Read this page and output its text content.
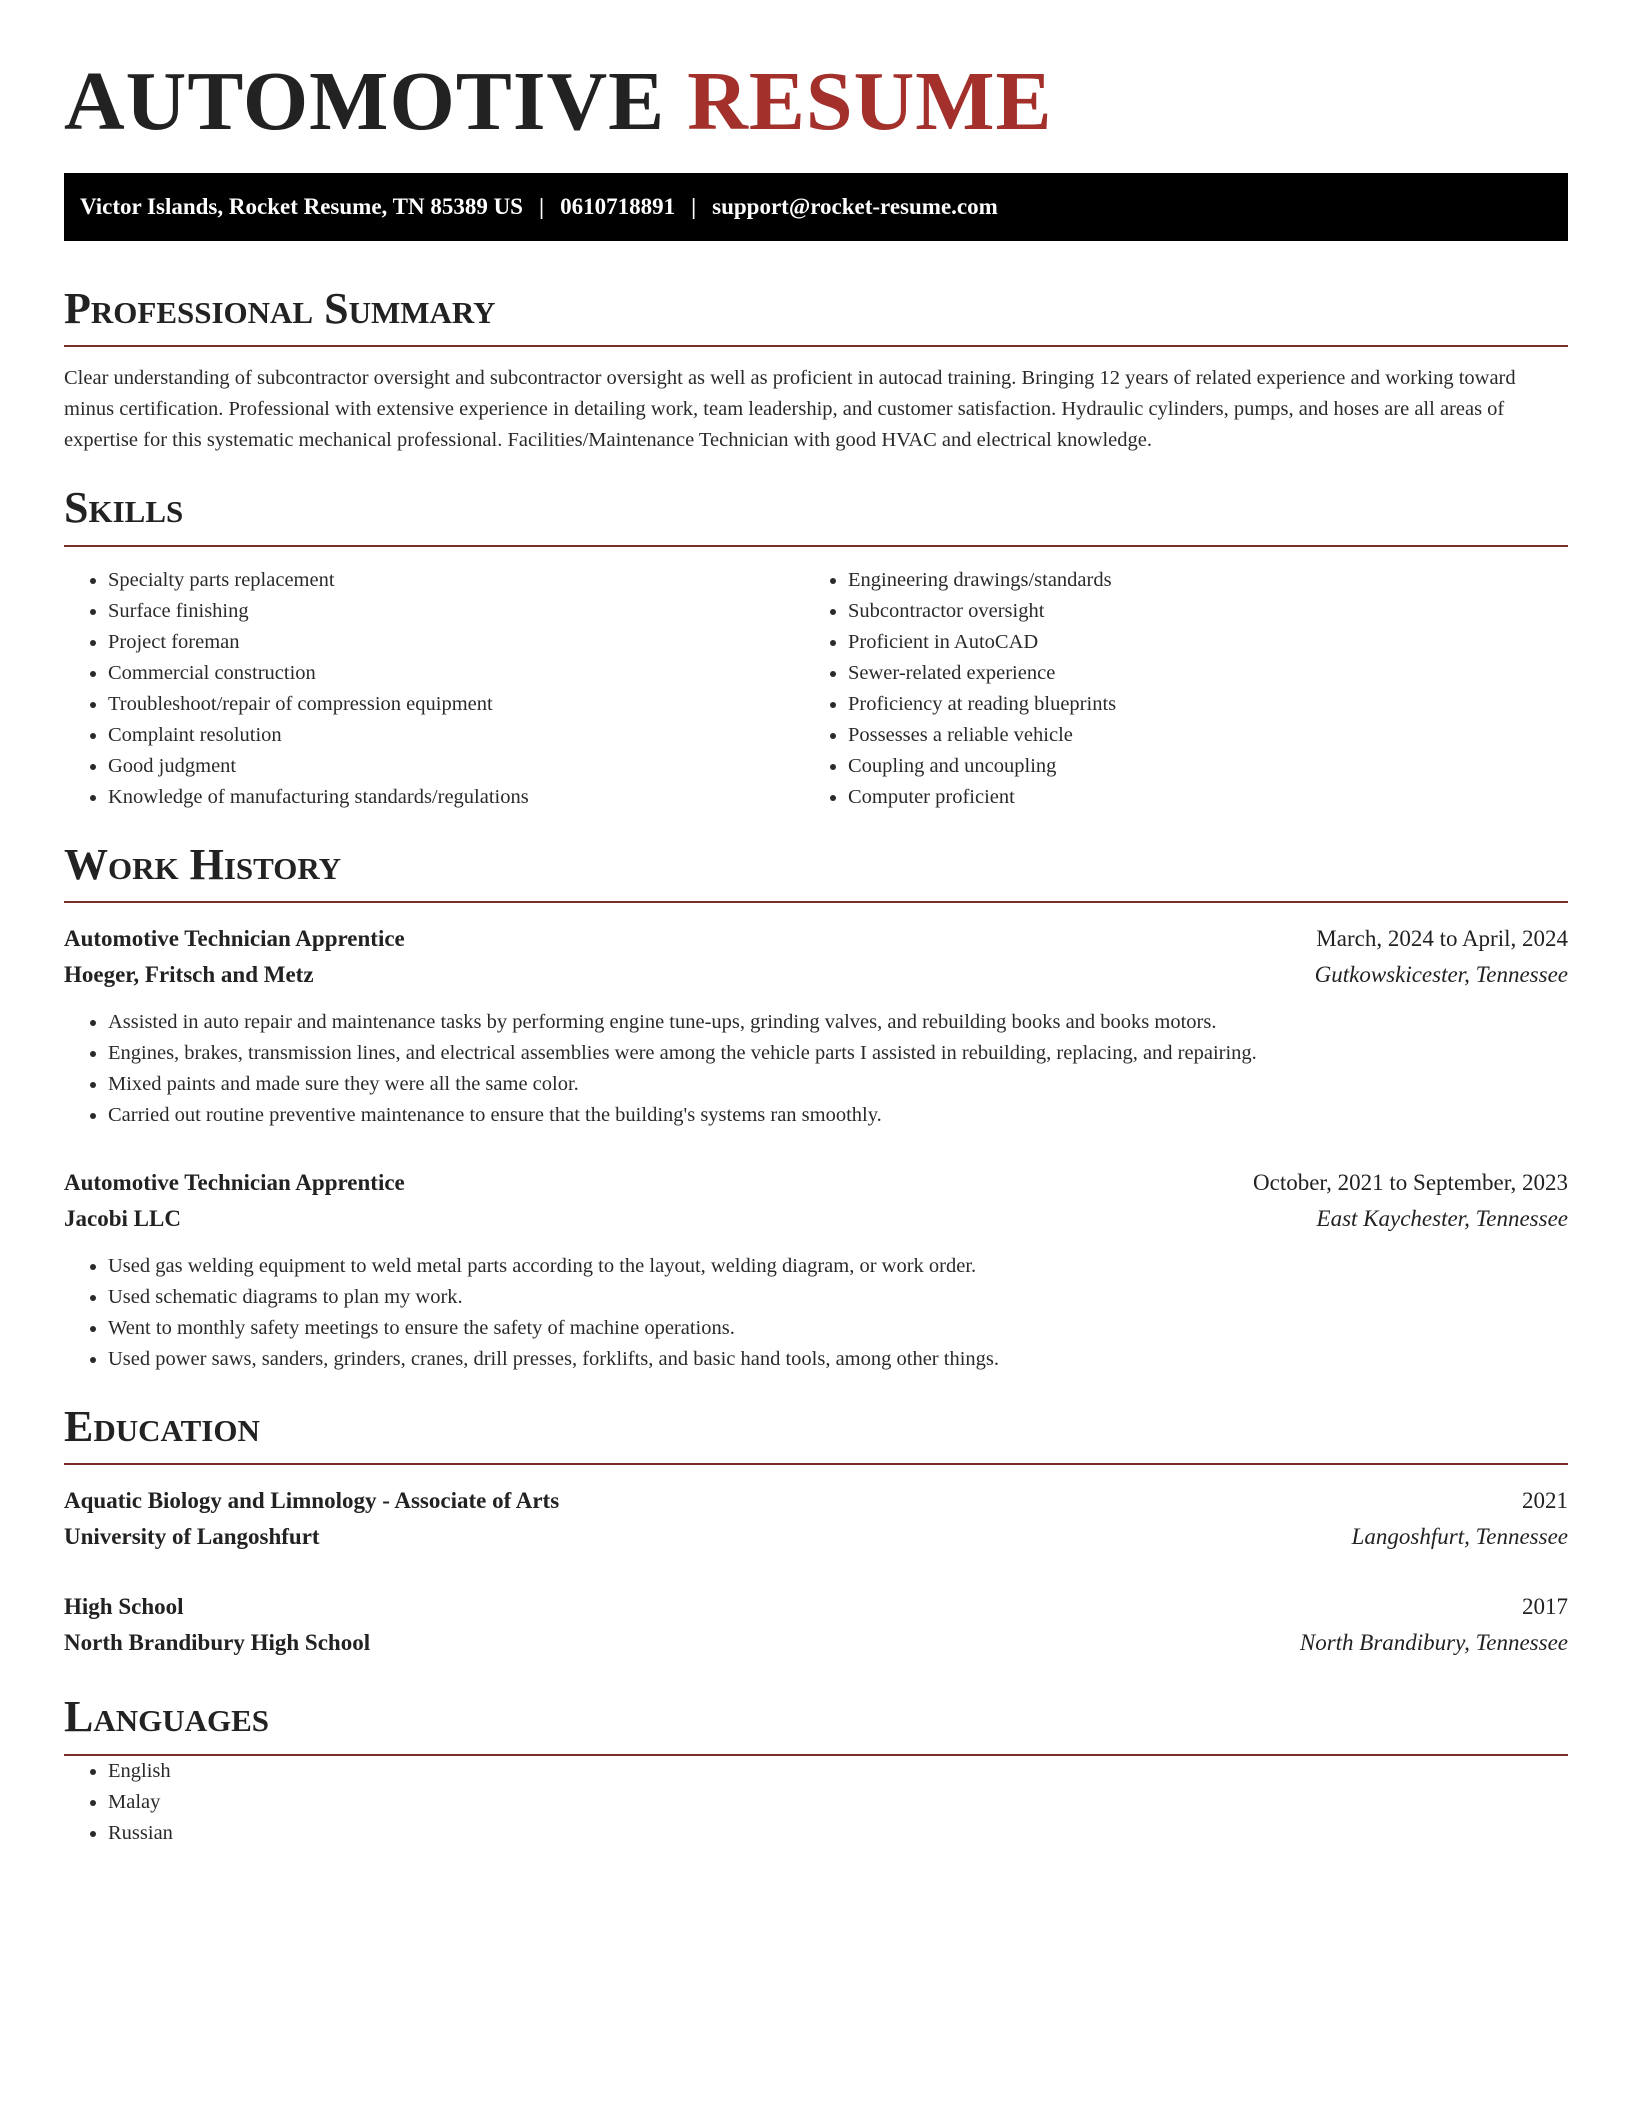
AUTOMOTIVE RESUME
Victor Islands, Rocket Resume, TN 85389 US | 0610718891 | support@rocket-resume.com
Professional Summary

Clear understanding of subcontractor oversight and subcontractor oversight as well as proficient in autocad training. Bringing 12 years of related experience and working toward minus certification. Professional with extensive experience in detailing work, team leadership, and customer satisfaction. Hydraulic cylinders, pumps, and hoses are all areas of expertise for this systematic mechanical professional. Facilities/Maintenance Technician with good HVAC and electrical knowledge.

Skills
• Specialty parts replacement
• Surface finishing
• Project foreman
• Commercial construction
• Troubleshoot/repair of compression equipment
• Complaint resolution
• Good judgment
• Knowledge of manufacturing standards/regulations
• Engineering drawings/standards
• Subcontractor oversight
• Proficient in AutoCAD
• Sewer-related experience
• Proficiency at reading blueprints
• Possesses a reliable vehicle
• Coupling and uncoupling
• Computer proficient
Work History
Automotive Technician Apprentice	March, 2024 to April, 2024
Hoeger, Fritsch and Metz	Gutkowskicester, Tennessee
• Assisted in auto repair and maintenance tasks by performing engine tune-ups, grinding valves, and rebuilding books and books motors.
• Engines, brakes, transmission lines, and electrical assemblies were among the vehicle parts I assisted in rebuilding, replacing, and repairing.
• Mixed paints and made sure they were all the same color.
• Carried out routine preventive maintenance to ensure that the building's systems ran smoothly.
Automotive Technician Apprentice	October, 2021 to September, 2023
Jacobi LLC	East Kaychester, Tennessee
• Used gas welding equipment to weld metal parts according to the layout, welding diagram, or work order.
• Used schematic diagrams to plan my work.
• Went to monthly safety meetings to ensure the safety of machine operations.
• Used power saws, sanders, grinders, cranes, drill presses, forklifts, and basic hand tools, among other things.
Education
Aquatic Biology and Limnology - Associate of Arts	2021
University of Langoshfurt	Langoshfurt, Tennessee
High School	2017
North Brandibury High School	North Brandibury, Tennessee
Languages
• English
• Malay
• Russian
